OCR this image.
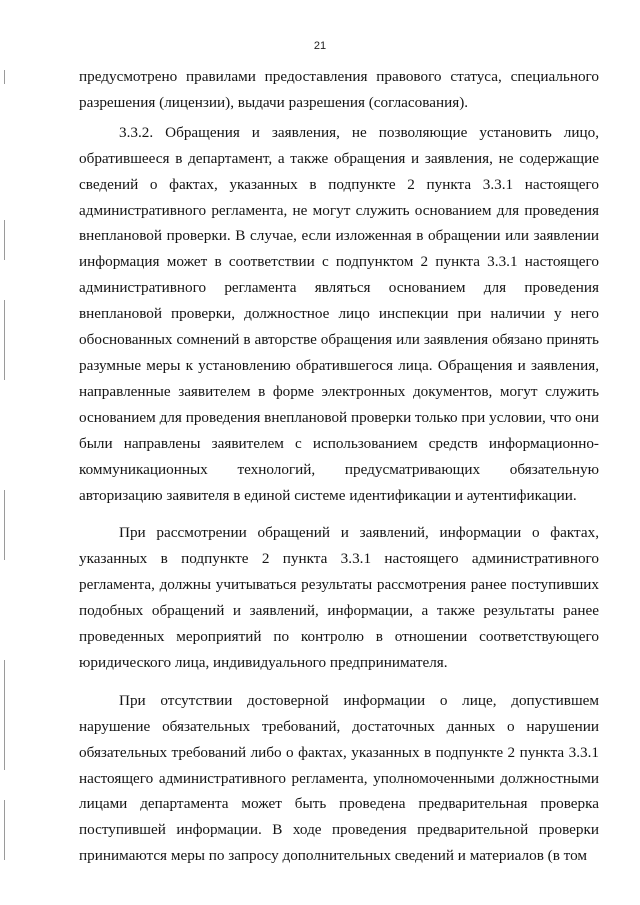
21

предусмотрено правилами предоставления правового статуса, специального разрешения (лицензии), выдачи разрешения (согласования).

3.3.2. Обращения и заявления, не позволяющие установить лицо, обратившееся в департамент, а также обращения и заявления, не содержащие сведений о фактах, указанных в подпункте 2 пункта 3.3.1 настоящего административного регламента, не могут служить основанием для проведения внеплановой проверки. В случае, если изложенная в обращении или заявлении информация может в соответствии с подпунктом 2 пункта 3.3.1 настоящего административного регламента являться основанием для проведения внеплановой проверки, должностное лицо инспекции при наличии у него обоснованных сомнений в авторстве обращения или заявления обязано принять разумные меры к установлению обратившегося лица. Обращения и заявления, направленные заявителем в форме электронных документов, могут служить основанием для проведения внеплановой проверки только при условии, что они были направлены заявителем с использованием средств информационно-коммуникационных технологий, предусматривающих обязательную авторизацию заявителя в единой системе идентификации и аутентификации.

При рассмотрении обращений и заявлений, информации о фактах, указанных в подпункте 2 пункта 3.3.1 настоящего административного регламента, должны учитываться результаты рассмотрения ранее поступивших подобных обращений и заявлений, информации, а также результаты ранее проведенных мероприятий по контролю в отношении соответствующего юридического лица, индивидуального предпринимателя.

При отсутствии достоверной информации о лице, допустившем нарушение обязательных требований, достаточных данных о нарушении обязательных требований либо о фактах, указанных в подпункте 2 пункта 3.3.1 настоящего административного регламента, уполномоченными должностными лицами департамента может быть проведена предварительная проверка поступившей информации. В ходе проведения предварительной проверки принимаются меры по запросу дополнительных сведений и материалов (в том
